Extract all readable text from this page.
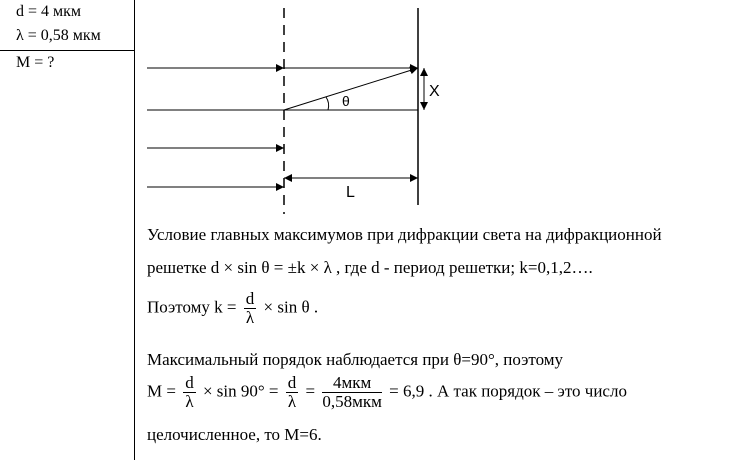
d = 4 мкм
λ = 0,58 мкм
M = ?
θ
X
L
Условие главных максимумов при дифракции света на дифракционной
решетке d × sin θ = ±k × λ , где d - период решетки; k=0,1,2….
Поэтому $k = \frac{d}{\lambda} \times \sin \theta$ .
Максимальный порядок наблюдается при θ=90°, поэтому
$M = \frac{d}{\lambda} \times \sin 90^\circ = \frac{d}{\lambda} = \frac{\text{4мкм}}{\text{0,58мкм}} = 6,9$ . А так порядок – это число
целочисленное, то M=6.
